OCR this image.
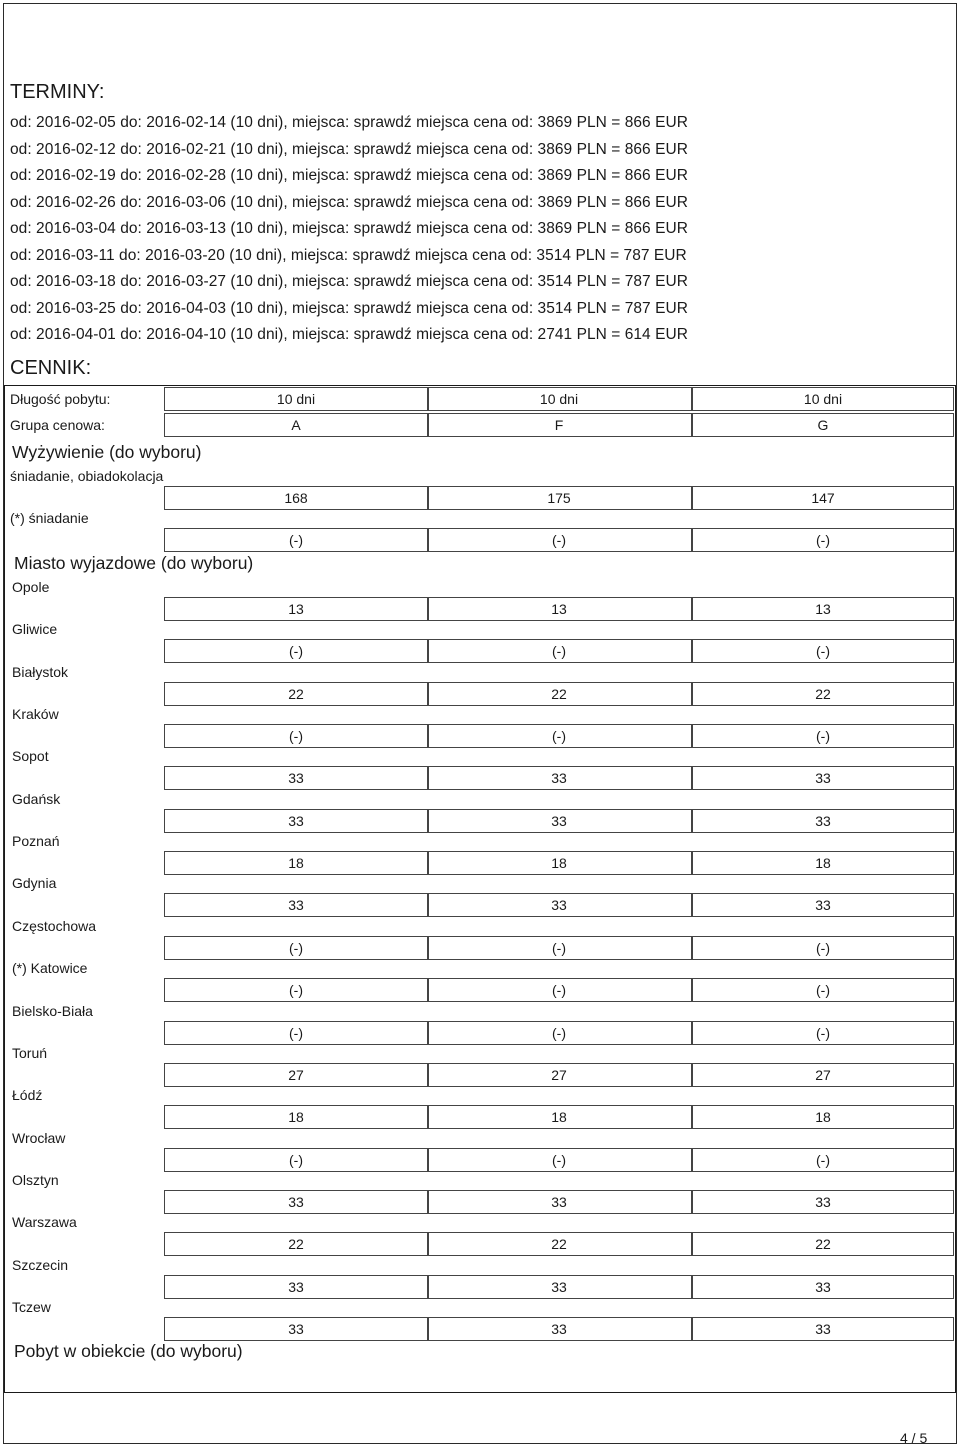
TERMINY:
od: 2016-02-05 do: 2016-02-14 (10 dni), miejsca: sprawdź miejsca cena od: 3869 PLN = 866 EUR
od: 2016-02-12 do: 2016-02-21 (10 dni), miejsca: sprawdź miejsca cena od: 3869 PLN = 866 EUR
od: 2016-02-19 do: 2016-02-28 (10 dni), miejsca: sprawdź miejsca cena od: 3869 PLN = 866 EUR
od: 2016-02-26 do: 2016-03-06 (10 dni), miejsca: sprawdź miejsca cena od: 3869 PLN = 866 EUR
od: 2016-03-04 do: 2016-03-13 (10 dni), miejsca: sprawdź miejsca cena od: 3869 PLN = 866 EUR
od: 2016-03-11 do: 2016-03-20 (10 dni), miejsca: sprawdź miejsca cena od: 3514 PLN = 787 EUR
od: 2016-03-18 do: 2016-03-27 (10 dni), miejsca: sprawdź miejsca cena od: 3514 PLN = 787 EUR
od: 2016-03-25 do: 2016-04-03 (10 dni), miejsca: sprawdź miejsca cena od: 3514 PLN = 787 EUR
od: 2016-04-01 do: 2016-04-10 (10 dni), miejsca: sprawdź miejsca cena od: 2741 PLN = 614 EUR
CENNIK:
Długość pobytu:	10 dni	10 dni	10 dni
Grupa cenowa:	A	F	G
Wyżywienie (do wyboru)
śniadanie, obiadokolacja
168	175	147
(*) śniadanie
(-)	(-)	(-)
Miasto wyjazdowe (do wyboru)
Opole
13	13	13
Gliwice
(-)	(-)	(-)
Białystok
22	22	22
Kraków
(-)	(-)	(-)
Sopot
33	33	33
Gdańsk
33	33	33
Poznań
18	18	18
Gdynia
33	33	33
Częstochowa
(-)	(-)	(-)
(*) Katowice
(-)	(-)	(-)
Bielsko-Biała
(-)	(-)	(-)
Toruń
27	27	27
Łódź
18	18	18
Wrocław
(-)	(-)	(-)
Olsztyn
33	33	33
Warszawa
22	22	22
Szczecin
33	33	33
Tczew
33	33	33
Pobyt w obiekcie (do wyboru)
4 / 5
